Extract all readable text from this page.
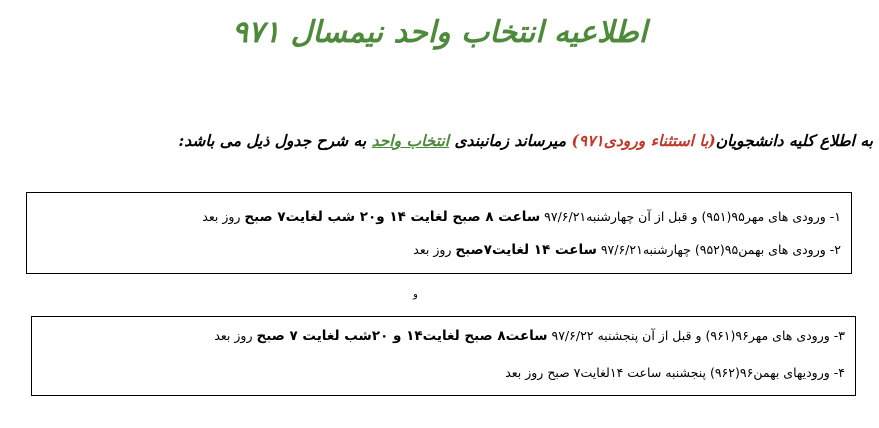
اطلاعیه انتخاب واحد نیمسال ۹۷۱
به اطلاع کلیه دانشجویان(با استثناء ورودی۹۷۱) میرساند زمانبندی انتخاب واحد به شرح جدول ذیل می باشد:
۱- ورودی های مهر۹۵(۹۵۱) و قبل از آن چهارشنبه۹۷/۶/۲۱ ساعت ۸ صبح لغایت ۱۴ و۲۰ شب لغایت۷ صبح روز بعد
۲- ورودی های بهمن۹۵(۹۵۲) چهارشنبه۹۷/۶/۲۱ ساعت ۱۴ لغایت۷صبح روز بعد
و
۳- ورودی های مهر۹۶(۹۶۱) و قبل از آن پنجشنبه ۹۷/۶/۲۲ ساعت۸ صبح لغایت۱۴ و ۲۰شب لغایت ۷ صبح روز بعد
۴- ورودیهای بهمن۹۶(۹۶۲) پنجشنبه ساعت ۱۴لغایت۷ صبح روز بعد
